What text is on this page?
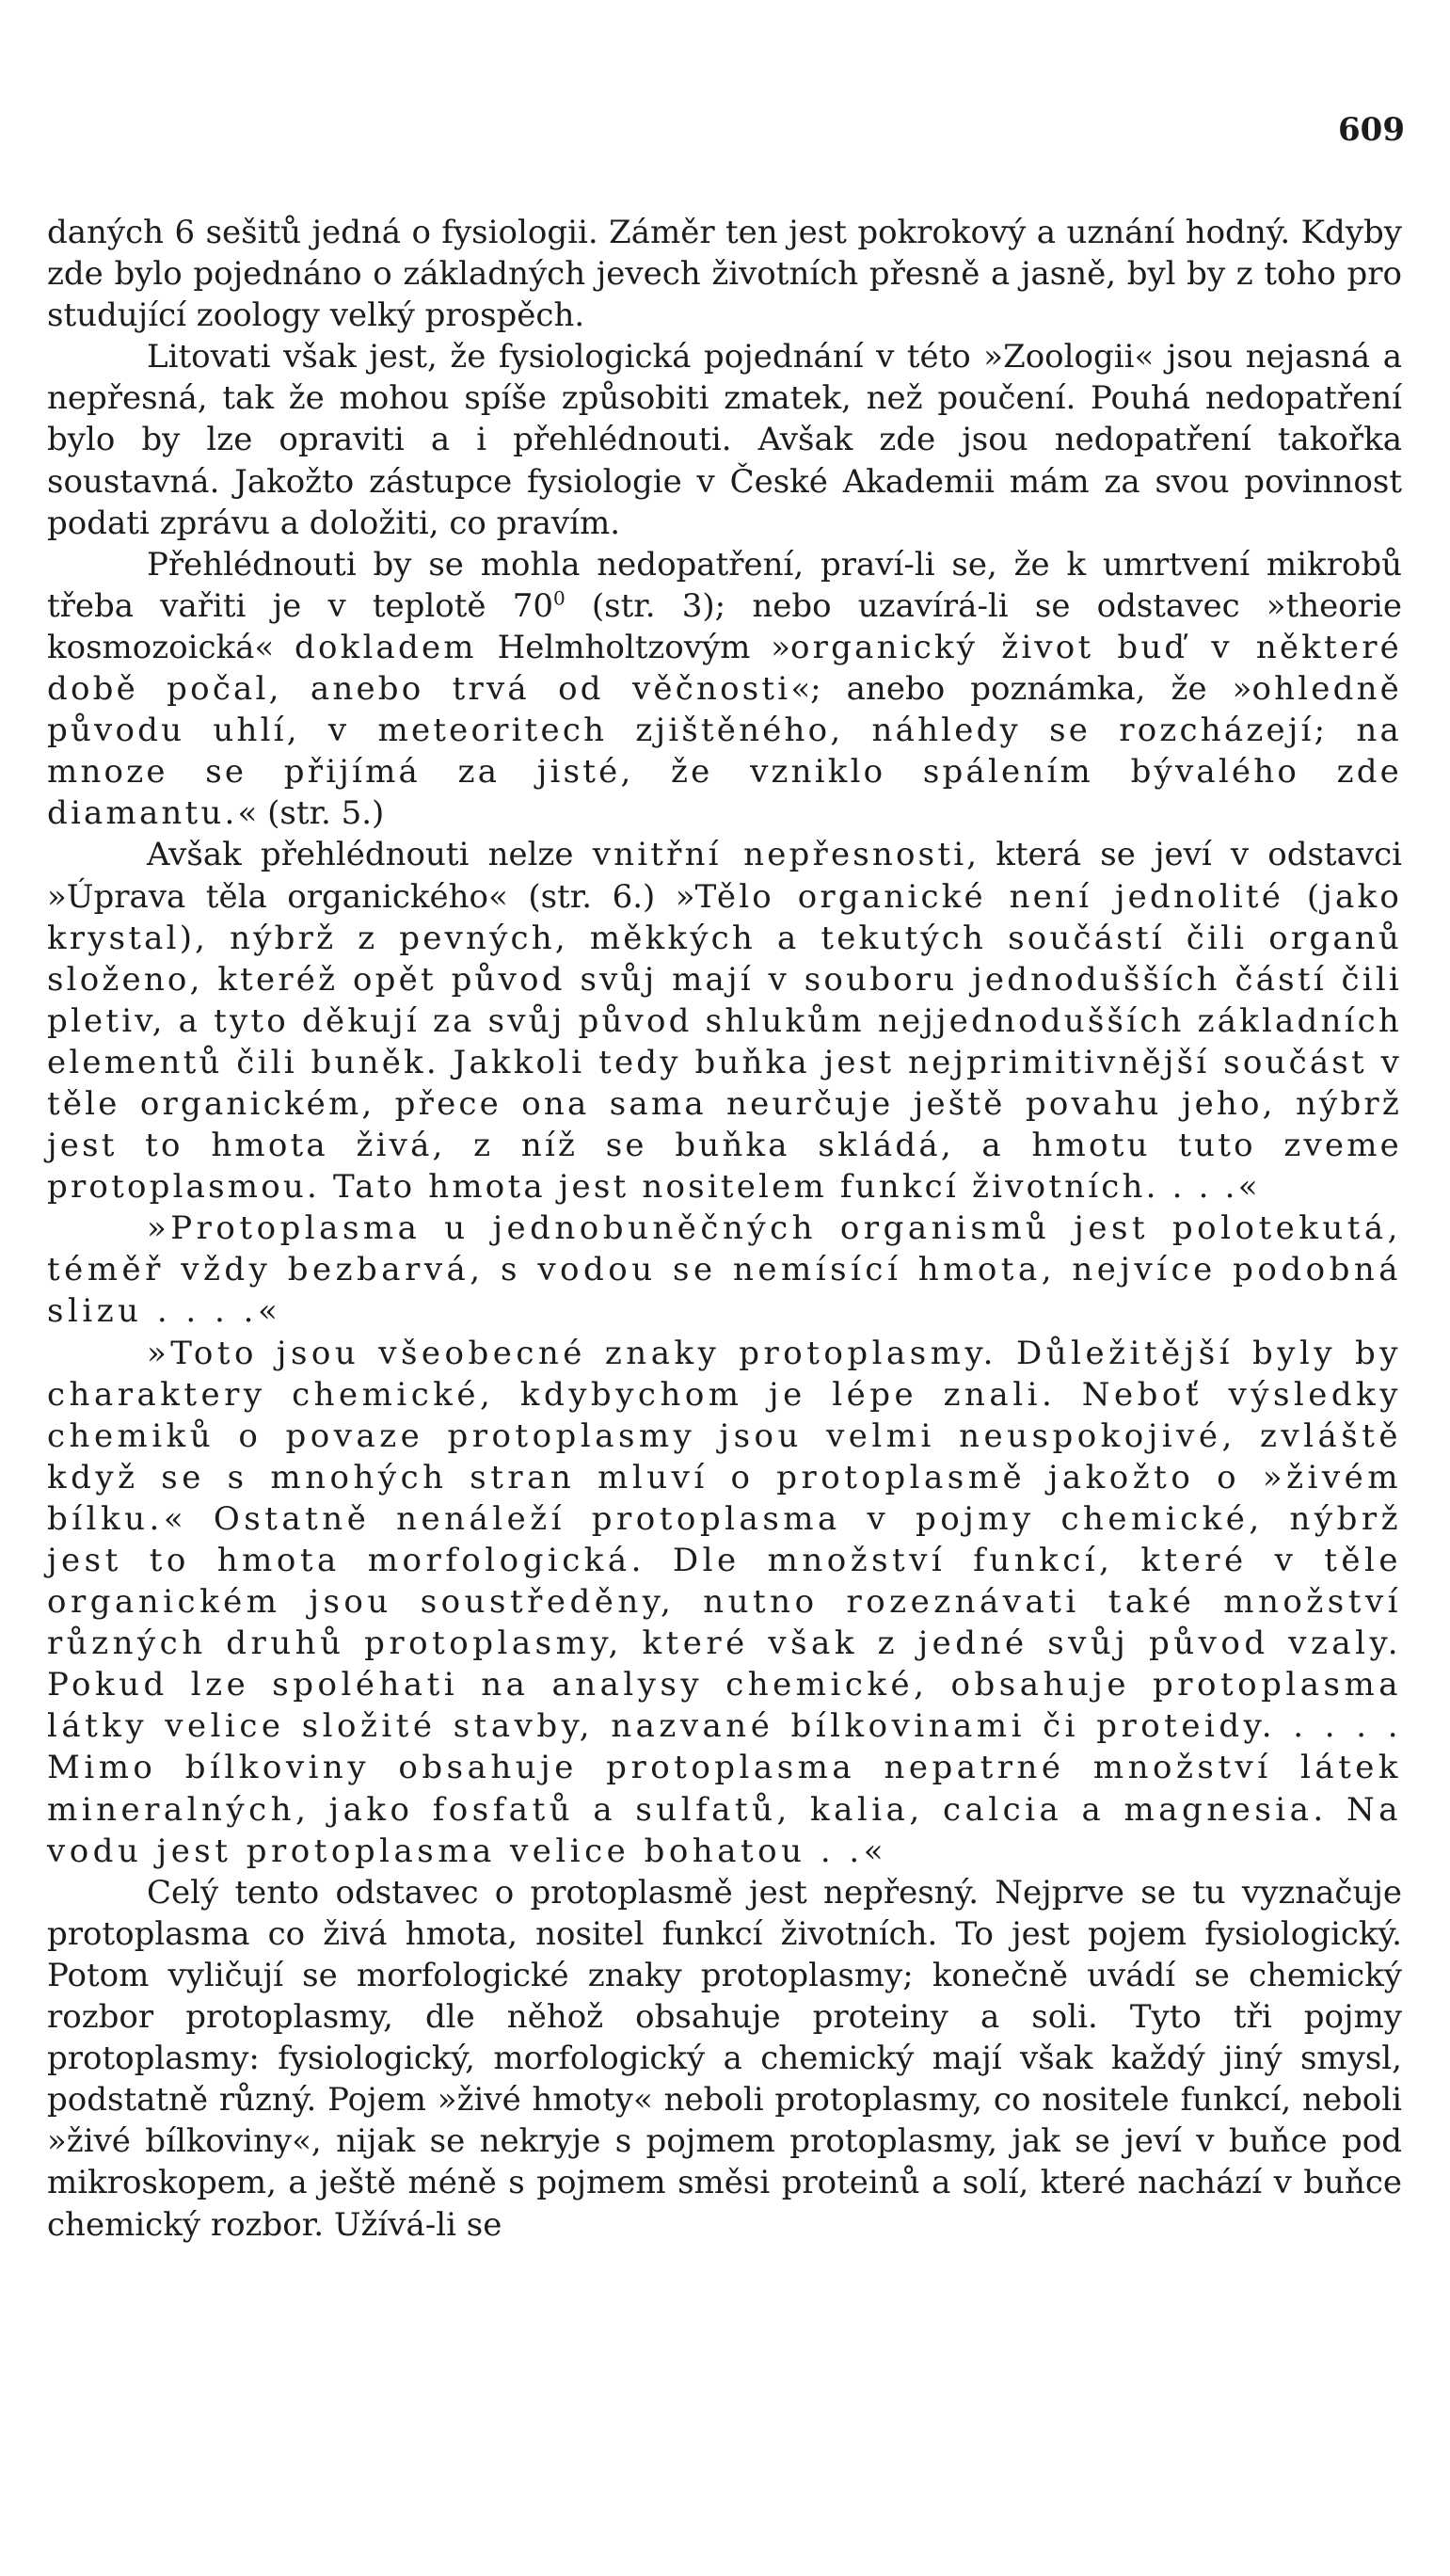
609

daných 6 sešitů jedná o fysiologii. Záměr ten jest pokrokový a uznání hodný. Kdyby zde bylo pojednáno o základných jevech životních přesně a jasně, byl by z toho pro studující zoology velký prospěch.

Litovati však jest, že fysiologická pojednání v této »Zoologii« jsou nejasná a nepřesná, tak že mohou spíše způsobiti zmatek, než poučení. Pouhá nedopatření bylo by lze opraviti a i přehlédnouti. Avšak zde jsou nedopatření takořka soustavná. Jakožto zástupce fysiologie v České Akademii mám za svou povinnost podati zprávu a doložiti, co pravím.

Přehlédnouti by se mohla nedopatření, praví-li se, že k umrtvení mikrobů třeba vařiti je v teplotě $70^0$ (str. 3); nebo uzavírá-li se odstavec »theorie kosmozoická« dokladem Helmholtzovým »organický život buď v některé době počal, anebo trvá od věčnosti«; anebo poznámka, že »ohledně původu uhlí, v meteoritech zjištěného, náhledy se rozcházejí; na mnoze se přijímá za jisté, že vzniklo spálením bývalého zde diamantu.« (str. 5.)

Avšak přehlédnouti nelze vnitřní nepřesnosti, která se jeví v odstavci »Úprava těla organického« (str. 6.) »Tělo organické není jednolité (jako krystal), nýbrž z pevných, měkkých a tekutých součástí čili organů složeno, kteréž opět původ svůj mají v souboru jednodušších částí čili pletiv, a tyto děkují za svůj původ shlukům nejjednodušších základních elementů čili buněk. Jakkoli tedy buňka jest nejprimitivnější součást v těle organickém, přece ona sama neurčuje ještě povahu jeho, nýbrž jest to hmota živá, z níž se buňka skládá, a hmotu tuto zveme protoplasmou. Tato hmota jest nositelem funkcí životních. . . .«

»Protoplasma u jednobuněčných organismů jest polotekutá, téměř vždy bezbarvá, s vodou se nemísící hmota, nejvíce podobná slizu . . . .«

»Toto jsou všeobecné znaky protoplasmy. Důležitější byly by charaktery chemické, kdybychom je lépe znali. Neboť výsledky chemiků o povaze protoplasmy jsou velmi neuspokojivé, zvláště když se s mnohých stran mluví o protoplasmě jakožto o »živém bílku.« Ostatně nenáleží protoplasma v pojmy chemické, nýbrž jest to hmota morfologická. Dle množství funkcí, které v těle organickém jsou soustředěny, nutno rozeznávati také množství různých druhů protoplasmy, které však z jedné svůj původ vzaly. Pokud lze spoléhati na analysy chemické, obsahuje protoplasma látky velice složité stavby, nazvané bílkovinami či proteidy. . . . . Mimo bílkoviny obsahuje protoplasma nepatrné množství látek mineralných, jako fosfatů a sulfatů, kalia, calcia a magnesia. Na vodu jest protoplasma velice bohatou . .«

Celý tento odstavec o protoplasmě jest nepřesný. Nejprve se tu vyznačuje protoplasma co živá hmota, nositel funkcí životních. To jest pojem fysiologický. Potom vyličují se morfologické znaky protoplasmy; konečně uvádí se chemický rozbor protoplasmy, dle něhož obsahuje proteiny a soli. Tyto tři pojmy protoplasmy: fysiologický, morfologický a chemický mají však každý jiný smysl, podstatně různý. Pojem »živé hmoty« neboli protoplasmy, co nositele funkcí, neboli »živé bílkoviny«, nijak se nekryje s pojmem protoplasmy, jak se jeví v buňce pod mikroskopem, a ještě méně s pojmem směsi proteinů a solí, které nachází v buňce chemický rozbor. Užívá-li se
